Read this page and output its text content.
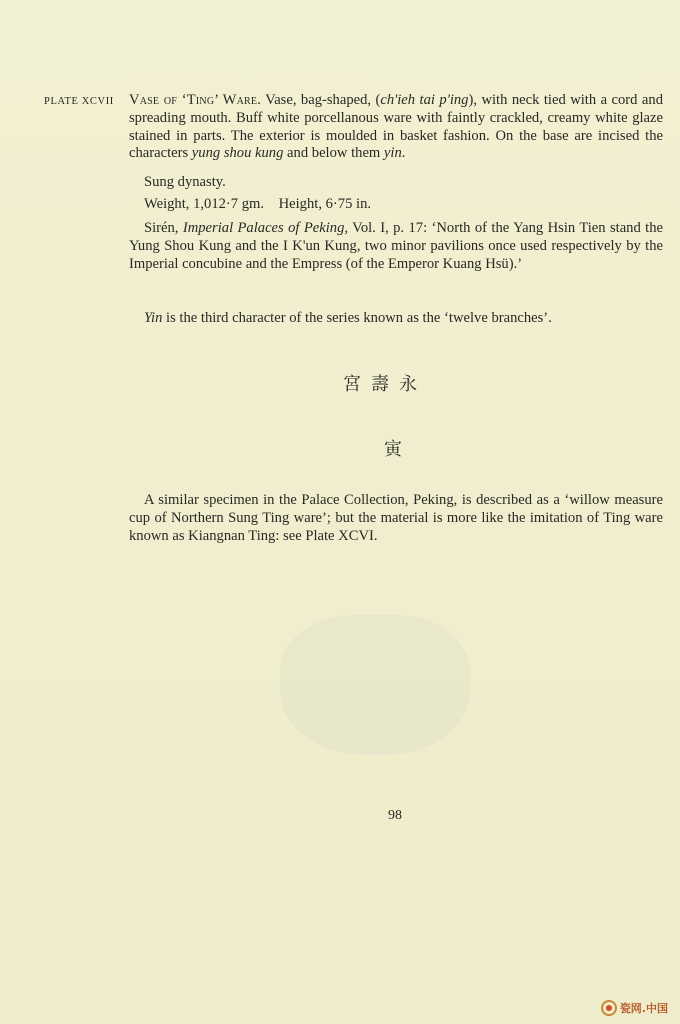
PLATE XCVII Vase of ‘Ting’ Ware. Vase, bag-shaped, (ch'ieh tai p'ing), with neck tied with a cord and spreading mouth. Buff white porcellanous ware with faintly crackled, creamy white glaze stained in parts. The exterior is moulded in basket fashion. On the base are incised the characters yung shou kung and below them yin.
Sung dynasty.
Weight, 1,012·7 gm.    Height, 6·75 in.
Sirén, Imperial Palaces of Peking, Vol. I, p. 17: ‘North of the Yang Hsin Tien stand the Yung Shou Kung and the I K'un Kung, two minor pavilions once used respectively by the Imperial concubine and the Empress (of the Emperor Kuang Hsü).’
Yin is the third character of the series known as the ‘twelve branches’.
宮壽永
寅
A similar specimen in the Palace Collection, Peking, is described as a ‘willow measure cup of Northern Sung Ting ware’; but the material is more like the imitation of Ting ware known as Kiangnan Ting: see Plate XCVI.
98
瓷网.中国
